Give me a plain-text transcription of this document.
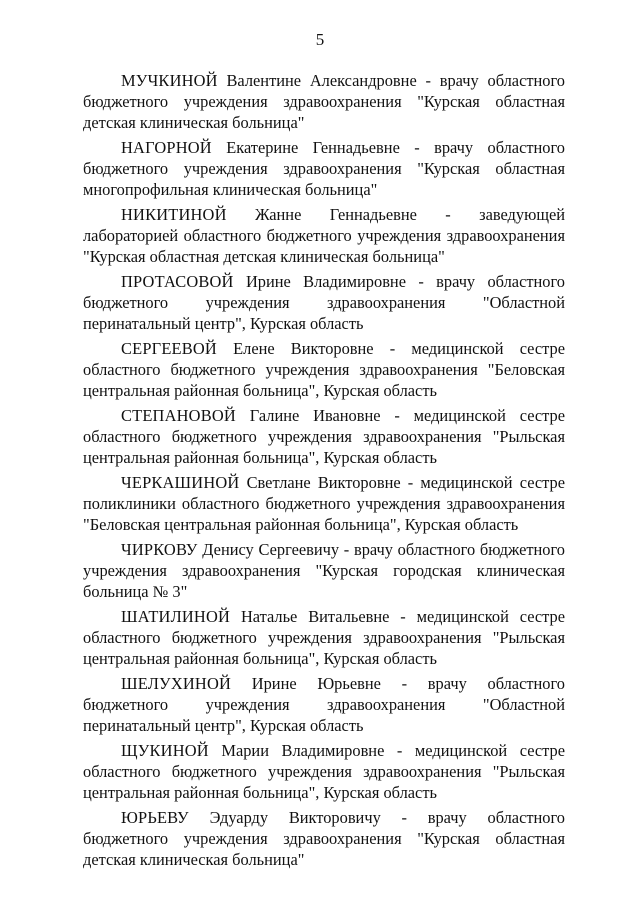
5

МУЧКИНОЙ Валентине Александровне - врачу областного бюджетного учреждения здравоохранения "Курская областная детская клиническая больница"

НАГОРНОЙ Екатерине Геннадьевне - врачу областного бюджетного учреждения здравоохранения "Курская областная многопрофильная клиническая больница"

НИКИТИНОЙ Жанне Геннадьевне - заведующей лабораторией областного бюджетного учреждения здравоохранения "Курская областная детская клиническая больница"

ПРОТАСОВОЙ Ирине Владимировне - врачу областного бюджетного учреждения здравоохранения "Областной перинатальный центр", Курская область

СЕРГЕЕВОЙ Елене Викторовне - медицинской сестре областного бюджетного учреждения здравоохранения "Беловская центральная районная больница", Курская область

СТЕПАНОВОЙ Галине Ивановне - медицинской сестре областного бюджетного учреждения здравоохранения "Рыльская центральная районная больница", Курская область

ЧЕРКАШИНОЙ Светлане Викторовне - медицинской сестре поликлиники областного бюджетного учреждения здравоохранения "Беловская центральная районная больница", Курская область

ЧИРКОВУ Денису Сергеевичу - врачу областного бюджетного учреждения здравоохранения "Курская городская клиническая больница № 3"

ШАТИЛИНОЙ Наталье Витальевне - медицинской сестре областного бюджетного учреждения здравоохранения "Рыльская центральная районная больница", Курская область

ШЕЛУХИНОЙ Ирине Юрьевне - врачу областного бюджетного учреждения здравоохранения "Областной перинатальный центр", Курская область

ЩУКИНОЙ Марии Владимировне - медицинской сестре областного бюджетного учреждения здравоохранения "Рыльская центральная районная больница", Курская область

ЮРЬЕВУ Эдуарду Викторовичу - врачу областного бюджетного учреждения здравоохранения "Курская областная детская клиническая больница"
